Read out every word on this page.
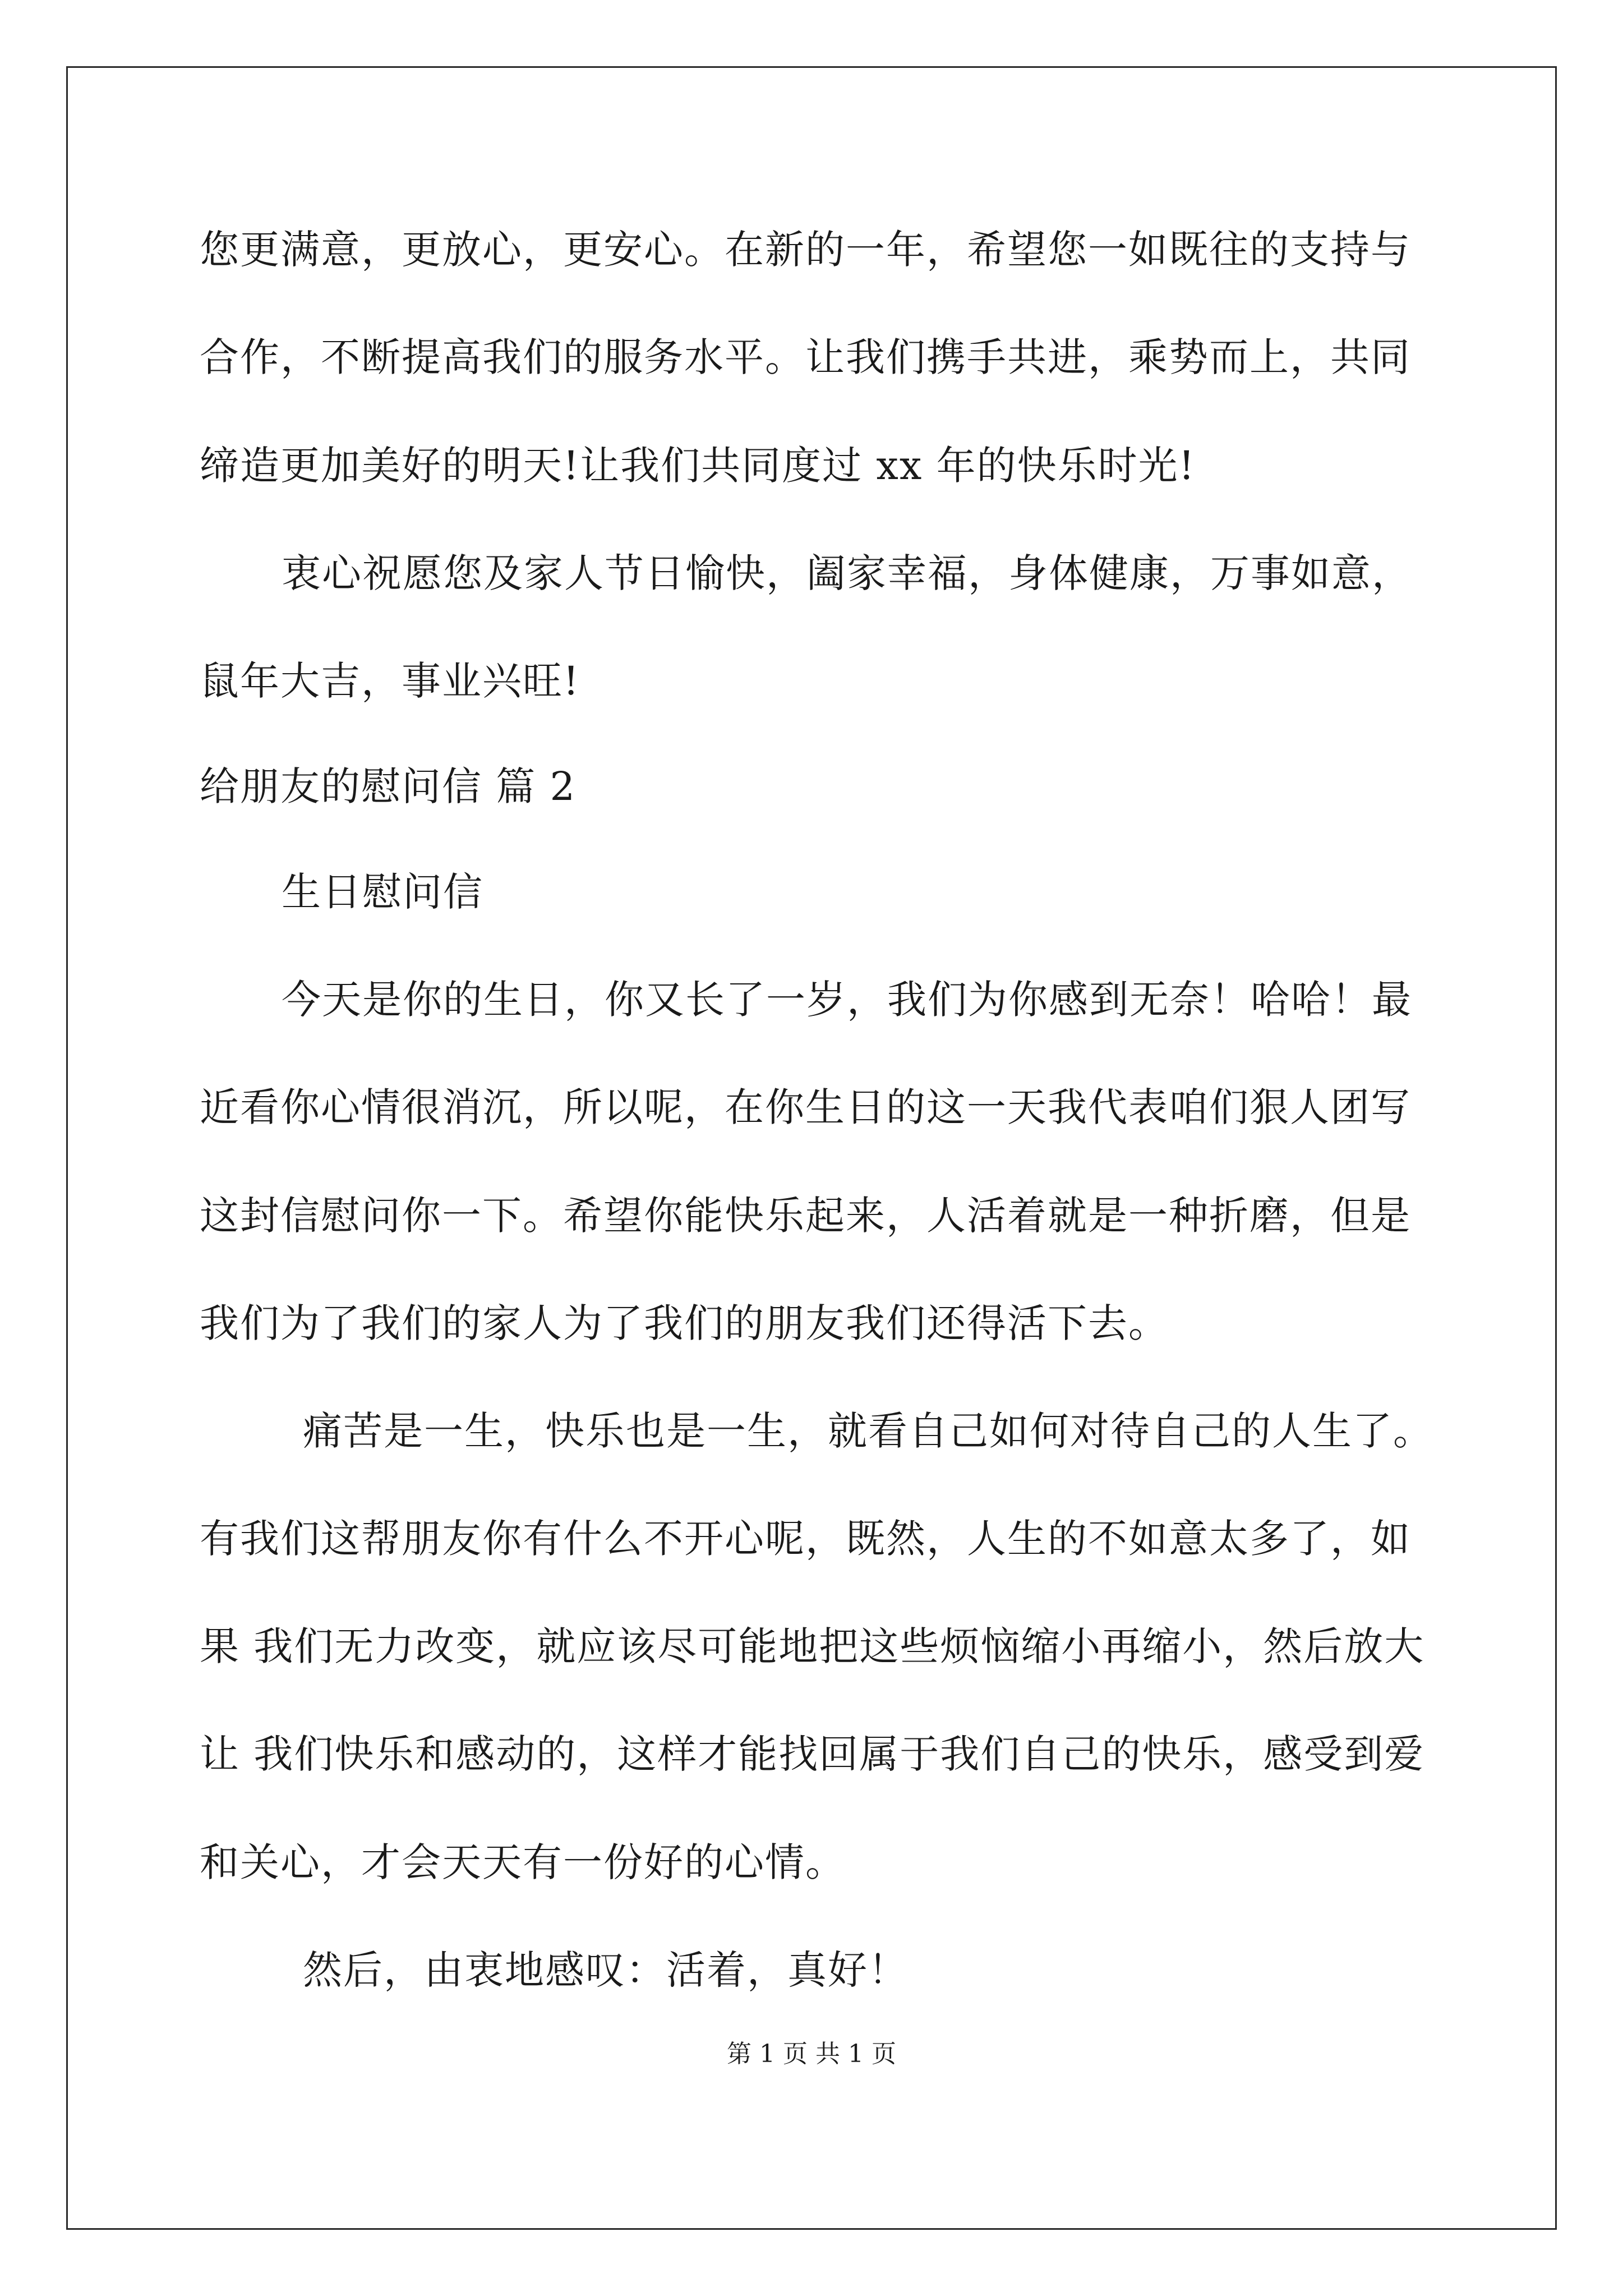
您更满意，更放心，更安心。在新的一年，希望您一如既往的支持与
合作，不断提高我们的服务水平。让我们携手共进，乘势而上，共同
缔造更加美好的明天!让我们共同度过 xx 年的快乐时光!
衷心祝愿您及家人节日愉快，阖家幸福，身体健康，万事如意，
鼠年大吉，事业兴旺!
给朋友的慰问信 篇 2
生日慰问信
今天是你的生日，你又长了一岁，我们为你感到无奈！哈哈！最
近看你心情很消沉，所以呢，在你生日的这一天我代表咱们狠人团写
这封信慰问你一下。希望你能快乐起来，人活着就是一种折磨，但是
我们为了我们的家人为了我们的朋友我们还得活下去。
痛苦是一生，快乐也是一生，就看自己如何对待自己的人生了。
有我们这帮朋友你有什么不开心呢，既然，人生的不如意太多了，如
果 我们无力改变，就应该尽可能地把这些烦恼缩小再缩小，然后放大
让 我们快乐和感动的，这样才能找回属于我们自己的快乐，感受到爱
和关心，才会天天有一份好的心情。
然后，由衷地感叹：活着，真好！
第 1 页 共 1 页
